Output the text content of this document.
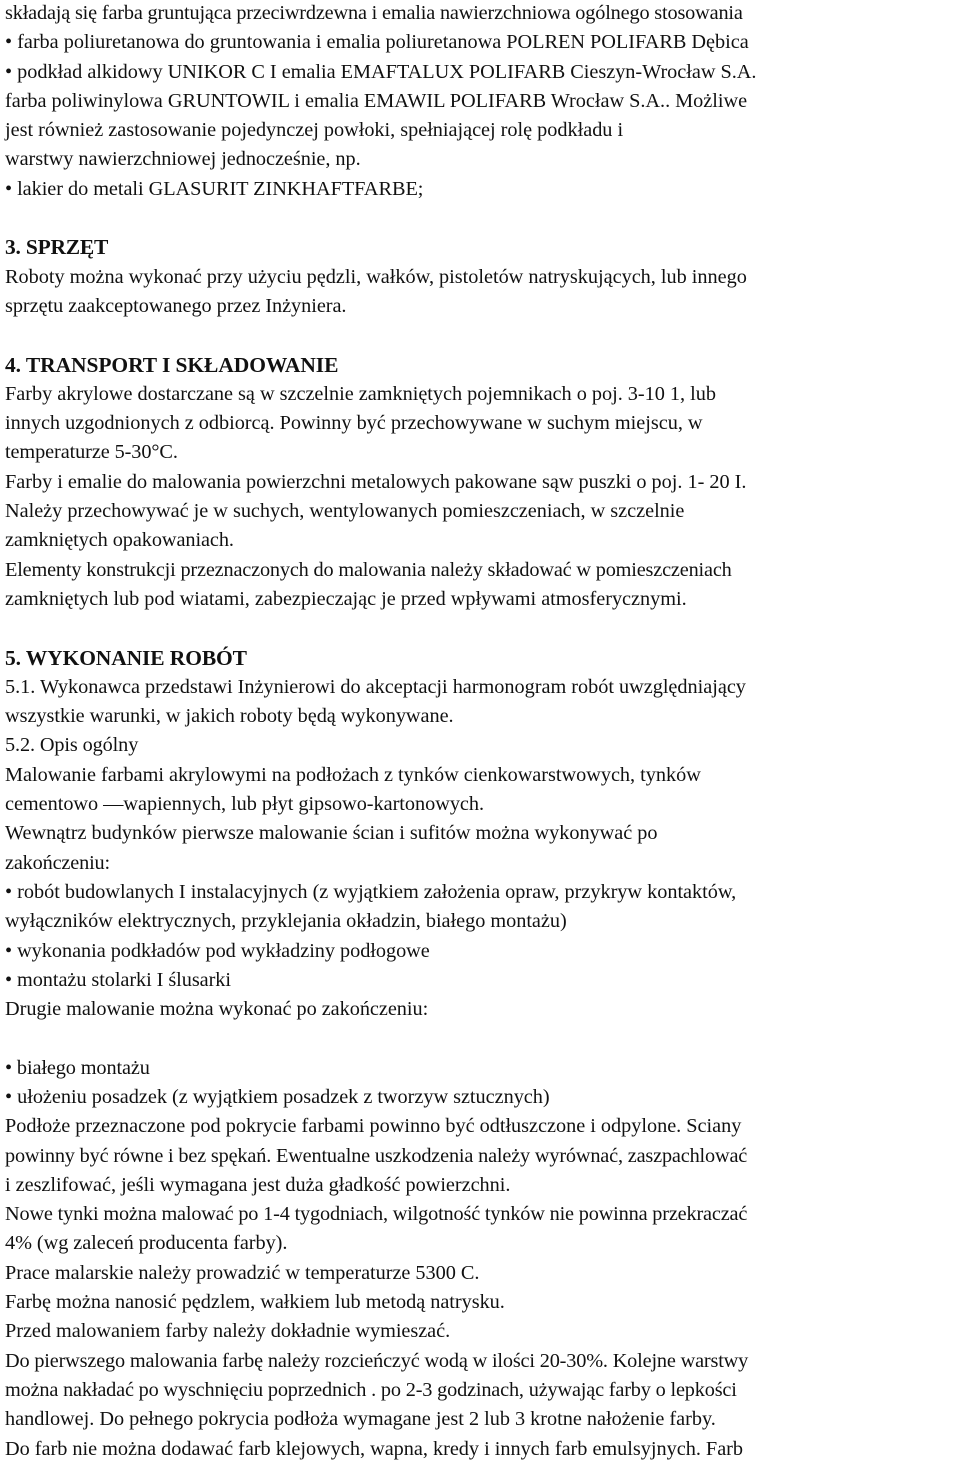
składają się farba gruntująca przeciwrdzewna i emalia nawierzchniowa ogólnego stosowania
• farba poliuretanowa do gruntowania i emalia poliuretanowa POLREN POLIFARB Dębica
• podkład alkidowy UNIKOR C I emalia EMAFTALUX POLIFARB Cieszyn-Wrocław S.A.
farba poliwinylowa GRUNTOWIL i emalia EMAWIL POLIFARB Wrocław S.A.. Możliwe
jest również zastosowanie pojedynczej powłoki, spełniającej rolę podkładu i
warstwy nawierzchniowej jednocześnie, np.
• lakier do metali GLASURIT ZINKHAFTFARBE;
3. SPRZĘT
Roboty można wykonać przy użyciu pędzli, wałków, pistoletów natryskujących, lub innego
sprzętu zaakceptowanego przez Inżyniera.
4. TRANSPORT I SKŁADOWANIE
Farby akrylowe dostarczane są w szczelnie zamkniętych pojemnikach o poj. 3-10 1, lub
innych uzgodnionych z odbiorcą. Powinny być przechowywane w suchym miejscu, w
temperaturze 5-30°C.
Farby i emalie do malowania powierzchni metalowych pakowane sąw puszki o poj. 1- 20 I.
Należy przechowywać je w suchych, wentylowanych pomieszczeniach, w szczelnie
zamkniętych opakowaniach.
Elementy konstrukcji przeznaczonych do malowania należy składować w pomieszczeniach
zamkniętych lub pod wiatami, zabezpieczając je przed wpływami atmosferycznymi.
5. WYKONANIE ROBÓT
5.1. Wykonawca przedstawi Inżynierowi do akceptacji harmonogram robót uwzględniający
wszystkie warunki, w jakich roboty będą wykonywane.
5.2. Opis ogólny
Malowanie farbami akrylowymi na podłożach z tynków cienkowarstwowych, tynków
cementowo —wapiennych, lub płyt gipsowo-kartonowych.
Wewnątrz budynków pierwsze malowanie ścian i sufitów można wykonywać po
zakończeniu:
• robót budowlanych I instalacyjnych (z wyjątkiem założenia opraw, przykryw kontaktów,
wyłączników elektrycznych, przyklejania okładzin, białego montażu)
• wykonania podkładów pod wykładziny podłogowe
• montażu stolarki I ślusarki
Drugie malowanie można wykonać po zakończeniu:
• białego montażu
• ułożeniu posadzek (z wyjątkiem posadzek z tworzyw sztucznych)
Podłoże przeznaczone pod pokrycie farbami powinno być odtłuszczone i odpylone. Sciany
powinny być równe i bez spękań. Ewentualne uszkodzenia należy wyrównać, zaszpachlować
i zeszlifować, jeśli wymagana jest duża gładkość powierzchni.
Nowe tynki można malować po 1-4 tygodniach, wilgotność tynków nie powinna przekraczać
4% (wg zaleceń producenta farby).
Prace malarskie należy prowadzić w temperaturze 5300 C.
Farbę można nanosić pędzlem, wałkiem lub metodą natrysku.
Przed malowaniem farby należy dokładnie wymieszać.
Do pierwszego malowania farbę należy rozcieńczyć wodą w ilości 20-30%. Kolejne warstwy
można nakładać po wyschnięciu poprzednich . po 2-3 godzinach, używając farby o lepkości
handlowej. Do pełnego pokrycia podłoża wymagane jest 2 lub 3 krotne nałożenie farby.
Do farb nie można dodawać farb klejowych, wapna, kredy i innych farb emulsyjnych. Farb
